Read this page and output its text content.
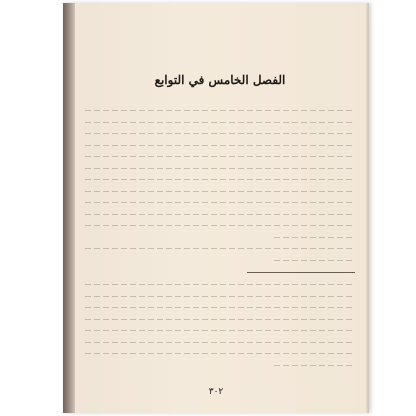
الفصل الخامس في التوابع
٣٠٢
